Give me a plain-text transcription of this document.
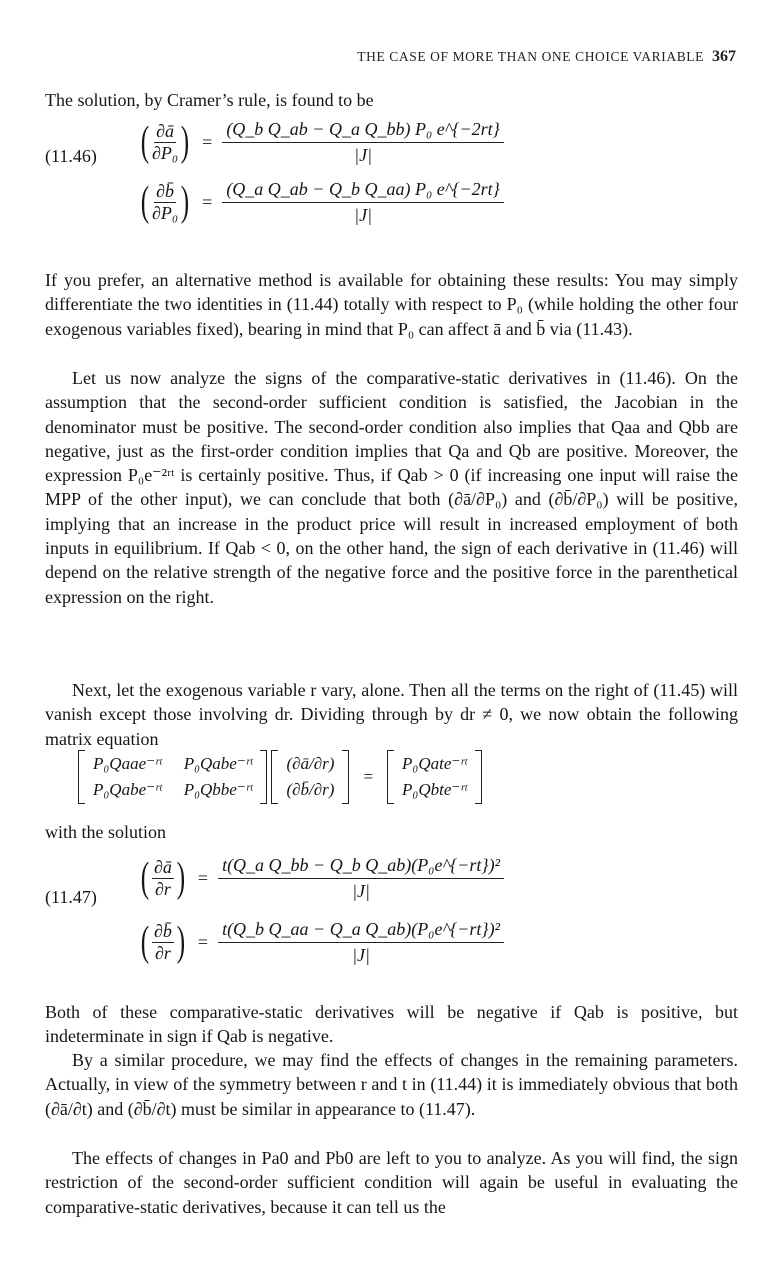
THE CASE OF MORE THAN ONE CHOICE VARIABLE 367
The solution, by Cramer’s rule, is found to be
(11.46) ( $\frac{\partial ā}{\text{∂P₀}}$ ) = $\frac{\text{(Q\_b Q\_ab − Q\_a Q\_bb) P₀ e\textasciicircum{}\{−2rt\}}}{|J|}$
( $\frac{\partial b̄}{\text{∂P₀}}$ ) = $\frac{\text{(Q\_a Q\_ab − Q\_b Q\_aa) P₀ e\textasciicircum{}\{−2rt\}}}{|J|}$
If you prefer, an alternative method is available for obtaining these results: You may simply differentiate the two identities in (11.44) totally with respect to P₀ (while holding the other four exogenous variables fixed), bearing in mind that P₀ can affect ā and b̄ via (11.43).
Let us now analyze the signs of the comparative-static derivatives in (11.46). On the assumption that the second-order sufficient condition is satisfied, the Jacobian in the denominator must be positive. The second-order condition also implies that Qaa and Qbb are negative, just as the first-order condition implies that Qa and Qb are positive. Moreover, the expression P₀e⁻²ʳᵗ is certainly positive. Thus, if Qab > 0 (if increasing one input will raise the MPP of the other input), we can conclude that both (∂ā/∂P₀) and (∂b̄/∂P₀) will be positive, implying that an increase in the product price will result in increased employment of both inputs in equilibrium. If Qab < 0, on the other hand, the sign of each derivative in (11.46) will depend on the relative strength of the negative force and the positive force in the parenthetical expression on the right.
Next, let the exogenous variable r vary, alone. Then all the terms on the right of (11.45) will vanish except those involving dr. Dividing through by dr ≠ 0, we now obtain the following matrix equation
P₀Qaae⁻ʳᵗ P₀Qabe⁻ʳᵗ
P₀Qabe⁻ʳᵗ P₀Qbbe⁻ʳᵗ
(∂ā/∂r)
(∂b̄/∂r)
=
P₀Qate⁻ʳᵗ
P₀Qbte⁻ʳᵗ
with the solution
(11.47) ( $\frac{\partial ā}{\partial r}$ ) = $\frac{\text{t(Q\_a Q\_bb − Q\_b Q\_ab)(P₀e\textasciicircum{}\{−rt\})²}}{|J|}$
( $\frac{\partial b̄}{\partial r}$ ) = $\frac{\text{t(Q\_b Q\_aa − Q\_a Q\_ab)(P₀e\textasciicircum{}\{−rt\})²}}{|J|}$
Both of these comparative-static derivatives will be negative if Qab is positive, but indeterminate in sign if Qab is negative.
By a similar procedure, we may find the effects of changes in the remaining parameters. Actually, in view of the symmetry between r and t in (11.44) it is immediately obvious that both (∂ā/∂t) and (∂b̄/∂t) must be similar in appearance to (11.47).
The effects of changes in Pa0 and Pb0 are left to you to analyze. As you will find, the sign restriction of the second-order sufficient condition will again be useful in evaluating the comparative-static derivatives, because it can tell us the
